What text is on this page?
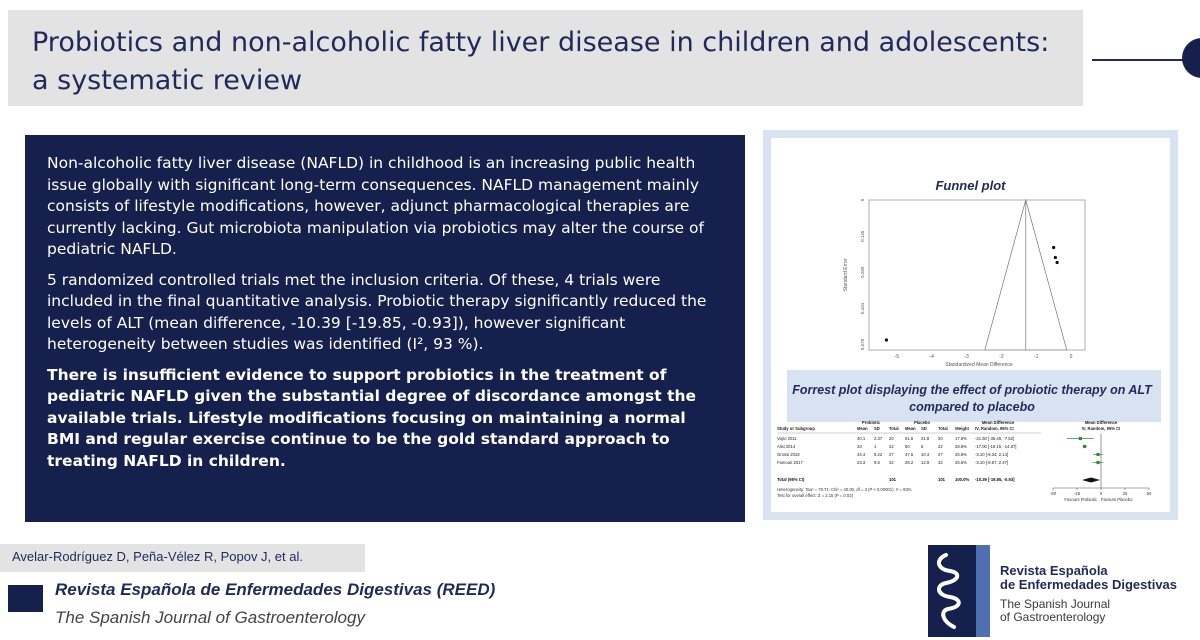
Probiotics and non-alcoholic fatty liver disease in children and adolescents:
a systematic review

Non-alcoholic fatty liver disease (NAFLD) in childhood is an increasing public health issue globally with significant long-term consequences. NAFLD management mainly consists of lifestyle modifications, however, adjunct pharmacological therapies are currently lacking. Gut microbiota manipulation via probiotics may alter the course of pediatric NAFLD.

5 randomized controlled trials met the inclusion criteria. Of these, 4 trials were included in the final quantitative analysis. Probiotic therapy significantly reduced the levels of ALT (mean difference, -10.39 [-19.85, -0.93]), however significant heterogeneity between studies was identified (I², 93 %).

There is insufficient evidence to support probiotics in the treatment of pediatric NAFLD given the substantial degree of discordance amongst the available trials. Lifestyle modifications focusing on maintaining a normal BMI and regular exercise continue to be the gold standard approach to treating NAFLD in children.

Funnel plot
-5	-4	-3	-2	-1	0
0
0.145
0.289
0.434
0.578
Standardized Mean Difference
Standard Error
Probiotic	Placebo	Mean Difference	Mean Difference
Study or Subgroup	Mean SD Total Mean SD	Total Weight IV, Random, 95% CI	IV, Random, 95% CI
Vajro 2011	40.1 2.37 20	61.6 31.8 20	17.8% -21.50 [-35.48, -7.52]
Alisi 2014	33	1	22	50	5	22	28.8% -17.00 [-19.15, -14.87]
Grossi 2019	44.4 9.22 27	47.5 10.4 27	26.8% -3.10 [-8.34, 2.14]
Famouri 2017	23.3 9.6 32	26.2 12.9 32	26.5% -3.10 [-8.67, 2.47]
Total (95% CI)	101	101 100.0% -10.39 [-19.85, -0.93]
Heterogeneity: Tau² = 79.71; Chi² = 40.00, df = 3 (P < 0.00001); I² = 93%
Test for overall effect: Z = 2.15 (P = 0.03)	-50	-25	0	25	50
Favours Probiotic Favours Placebo
Forrest plot displaying the effect of probiotic therapy on ALT compared to placebo
Avelar-Rodríguez D, Peña-Vélez R, Popov J, et al.
Revista Española de Enfermedades Digestivas (REED)
The Spanish Journal of Gastroenterology
Revista Española
de Enfermedades Digestivas
The Spanish Journal
of Gastroenterology
